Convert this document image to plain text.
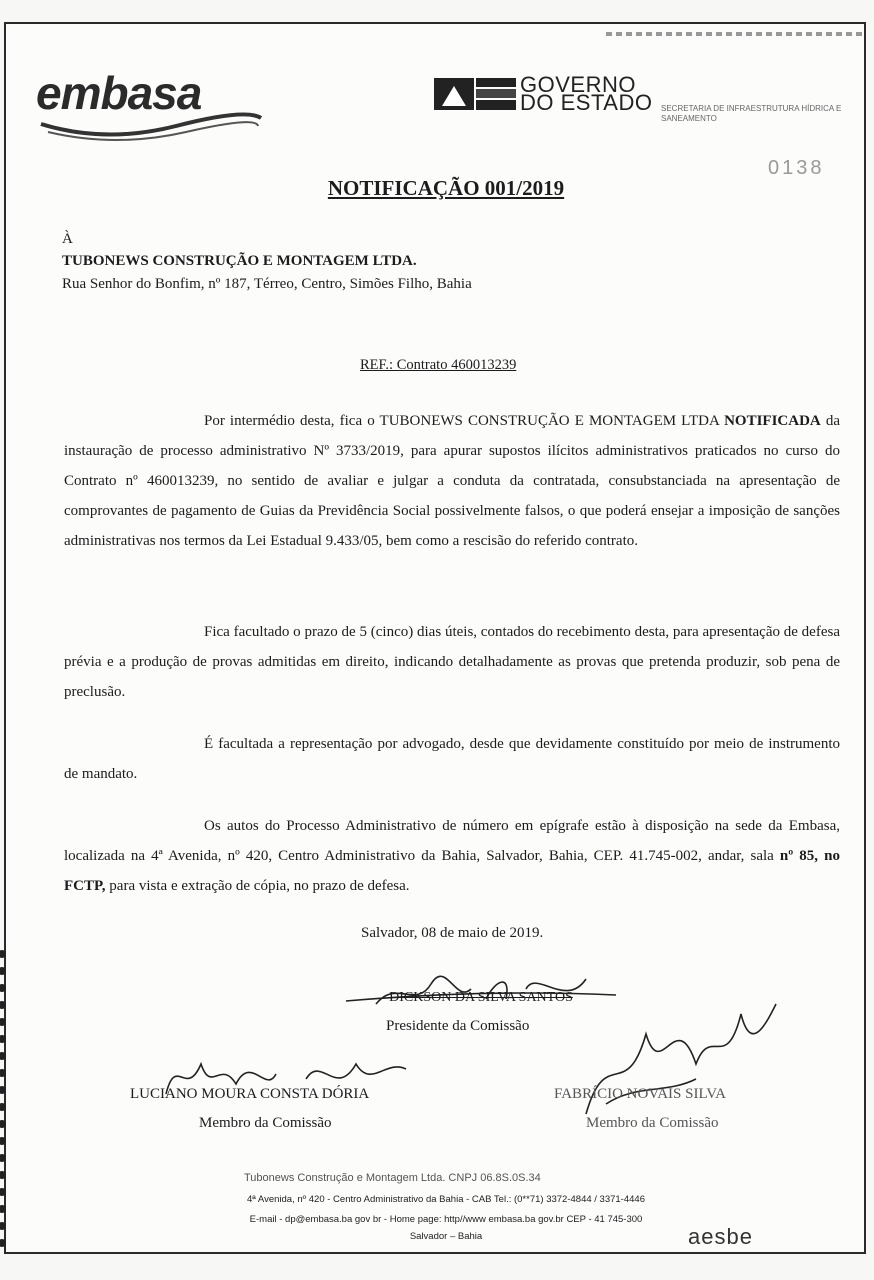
embasa	GOVERNO
DO ESTADO SECRETARIA DE INFRAESTRUTURA HÍDRICA E SANEAMENTO
0138
NOTIFICAÇÃO 001/2019
À
TUBONEWS CONSTRUÇÃO E MONTAGEM LTDA.
Rua Senhor do Bonfim, nº 187, Térreo, Centro, Simões Filho, Bahia
REF.: Contrato 460013239

Por intermédio desta, fica o TUBONEWS CONSTRUÇÃO E MONTAGEM LTDA NOTIFICADA da instauração de processo administrativo Nº 3733/2019, para apurar supostos ilícitos administrativos praticados no curso do Contrato nº 460013239, no sentido de avaliar e julgar a conduta da contratada, consubstanciada na apresentação de comprovantes de pagamento de Guias da Previdência Social possivelmente falsos, o que poderá ensejar a imposição de sanções administrativas nos termos da Lei Estadual 9.433/05, bem como a rescisão do referido contrato.

Fica facultado o prazo de 5 (cinco) dias úteis, contados do recebimento desta, para apresentação de defesa prévia e a produção de provas admitidas em direito, indicando detalhadamente as provas que pretenda produzir, sob pena de preclusão.

É facultada a representação por advogado, desde que devidamente constituído por meio de instrumento de mandato.

Os autos do Processo Administrativo de número em epígrafe estão à disposição na sede da Embasa, localizada na 4ª Avenida, nº 420, Centro Administrativo da Bahia, Salvador, Bahia, CEP. 41.745-002, andar, sala nº 85, no FCTP, para vista e extração de cópia, no prazo de defesa.

Salvador, 08 de maio de 2019.
DICKSON DA SILVA SANTOS
Presidente da Comissão
LUCIANO MOURA CONSTA DÓRIA
Membro da Comissão
FABRÍCIO NOVAIS SILVA
Membro da Comissão
Tubonews Construção e Montagem Ltda. CNPJ 06.8S.0S.34
4ª Avenida, nº 420 - Centro Administrativo da Bahia - CAB Tel.: (0**71) 3372-4844 / 3371-4446
E-mail - dp@embasa.ba gov br - Home page: http//www embasa.ba gov.br CEP - 41 745-300
Salvador – Bahia	aesbe
